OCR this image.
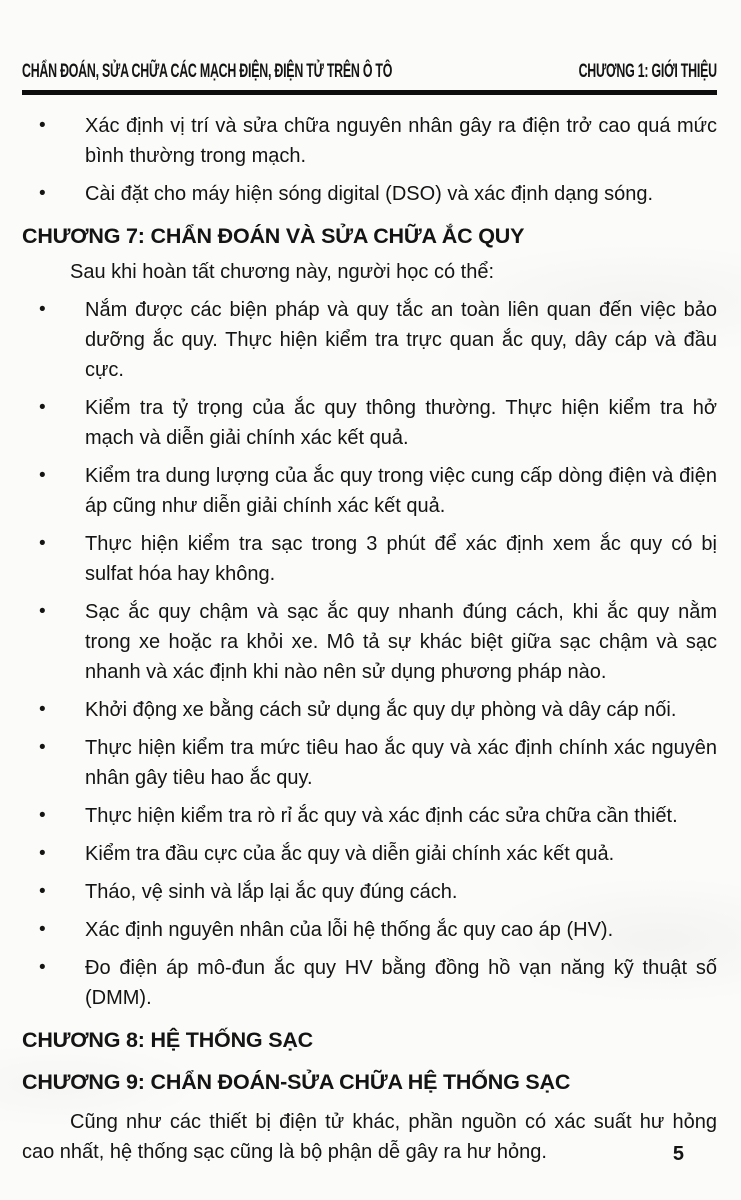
CHẨN ĐOÁN, SỬA CHỮA CÁC MẠCH ĐIỆN, ĐIỆN TỬ TRÊN Ô TÔ	CHƯƠNG 1: GIỚI THIỆU
•	Xác định vị trí và sửa chữa nguyên nhân gây ra điện trở cao quá mức bình thường trong mạch.
•	Cài đặt cho máy hiện sóng digital (DSO) và xác định dạng sóng.
CHƯƠNG 7: CHẨN ĐOÁN VÀ SỬA CHỮA ẮC QUY

Sau khi hoàn tất chương này, người học có thể:

•	Nắm được các biện pháp và quy tắc an toàn liên quan đến việc bảo dưỡng ắc quy. Thực hiện kiểm tra trực quan ắc quy, dây cáp và đầu cực.
•	Kiểm tra tỷ trọng của ắc quy thông thường. Thực hiện kiểm tra hở mạch và diễn giải chính xác kết quả.
•	Kiểm tra dung lượng của ắc quy trong việc cung cấp dòng điện và điện áp cũng như diễn giải chính xác kết quả.
•	Thực hiện kiểm tra sạc trong 3 phút để xác định xem ắc quy có bị sulfat hóa hay không.
•	Sạc ắc quy chậm và sạc ắc quy nhanh đúng cách, khi ắc quy nằm trong xe hoặc ra khỏi xe. Mô tả sự khác biệt giữa sạc chậm và sạc nhanh và xác định khi nào nên sử dụng phương pháp nào.
•	Khởi động xe bằng cách sử dụng ắc quy dự phòng và dây cáp nối.
•	Thực hiện kiểm tra mức tiêu hao ắc quy và xác định chính xác nguyên nhân gây tiêu hao ắc quy.
•	Thực hiện kiểm tra rò rỉ ắc quy và xác định các sửa chữa cần thiết.
•	Kiểm tra đầu cực của ắc quy và diễn giải chính xác kết quả.
•	Tháo, vệ sinh và lắp lại ắc quy đúng cách.
•	Xác định nguyên nhân của lỗi hệ thống ắc quy cao áp (HV).
•	Đo điện áp mô-đun ắc quy HV bằng đồng hồ vạn năng kỹ thuật số (DMM).
CHƯƠNG 8: HỆ THỐNG SẠC
CHƯƠNG 9: CHẨN ĐOÁN-SỬA CHỮA HỆ THỐNG SẠC

Cũng như các thiết bị điện tử khác, phần nguồn có xác suất hư hỏng cao nhất, hệ thống sạc cũng là bộ phận dễ gây ra hư hỏng.	5
